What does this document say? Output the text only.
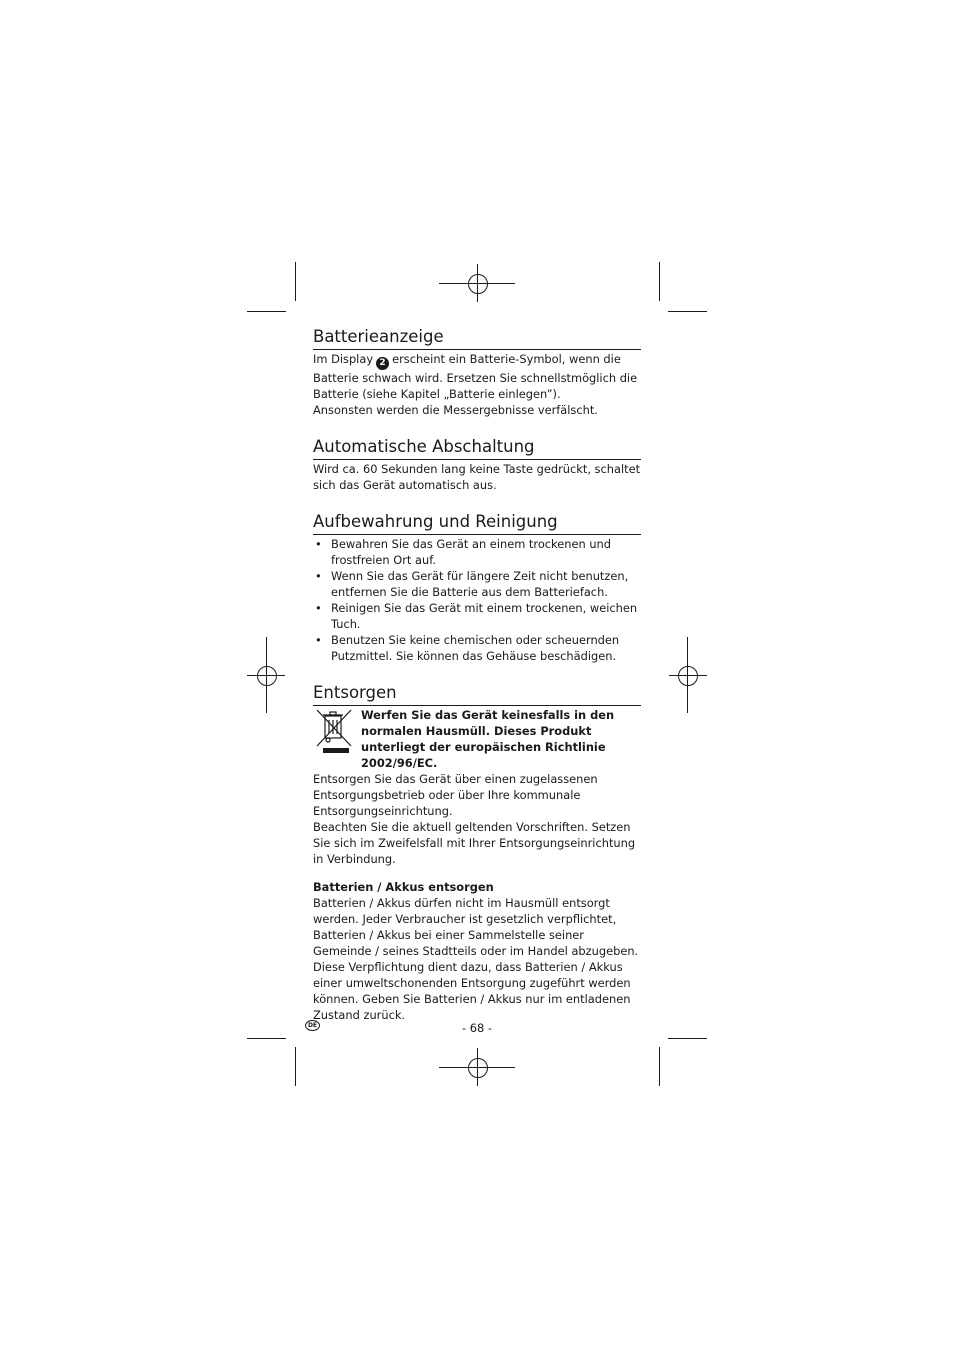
Batterieanzeige

Im Display 2 erscheint ein Batterie-Symbol, wenn die Batterie schwach wird. Ersetzen Sie schnellstmöglich die Batterie (siehe Kapitel „Batterie einlegen”).

Ansonsten werden die Messergebnisse verfälscht.

Automatische Abschaltung

Wird ca. 60 Sekunden lang keine Taste gedrückt, schaltet sich das Gerät automatisch aus.

Aufbewahrung und Reinigung
• Bewahren Sie das Gerät an einem trockenen und frostfreien Ort auf.
• Wenn Sie das Gerät für längere Zeit nicht benutzen, entfernen Sie die Batterie aus dem Batteriefach.
• Reinigen Sie das Gerät mit einem trockenen, weichen Tuch.
• Benutzen Sie keine chemischen oder scheuernden Putzmittel. Sie können das Gehäuse beschädigen.
Entsorgen
Werfen Sie das Gerät keinesfalls in den normalen Hausmüll. Dieses Produkt unterliegt der europäischen Richtlinie 2002/96/EC.

Entsorgen Sie das Gerät über einen zugelassenen Entsorgungsbetrieb oder über Ihre kommunale Entsorgungseinrichtung.

Beachten Sie die aktuell geltenden Vorschriften. Setzen Sie sich im Zweifelsfall mit Ihrer Entsorgungseinrichtung in Verbindung.

Batterien / Akkus entsorgen

Batterien / Akkus dürfen nicht im Hausmüll entsorgt werden. Jeder Verbraucher ist gesetzlich verpflichtet, Batterien / Akkus bei einer Sammelstelle seiner Gemeinde / seines Stadtteils oder im Handel abzugeben.

Diese Verpflichtung dient dazu, dass Batterien / Akkus einer umweltschonenden Entsorgung zugeführt werden können. Geben Sie Batterien / Akkus nur im entladenen Zustand zurück.

DE	- 68 -
